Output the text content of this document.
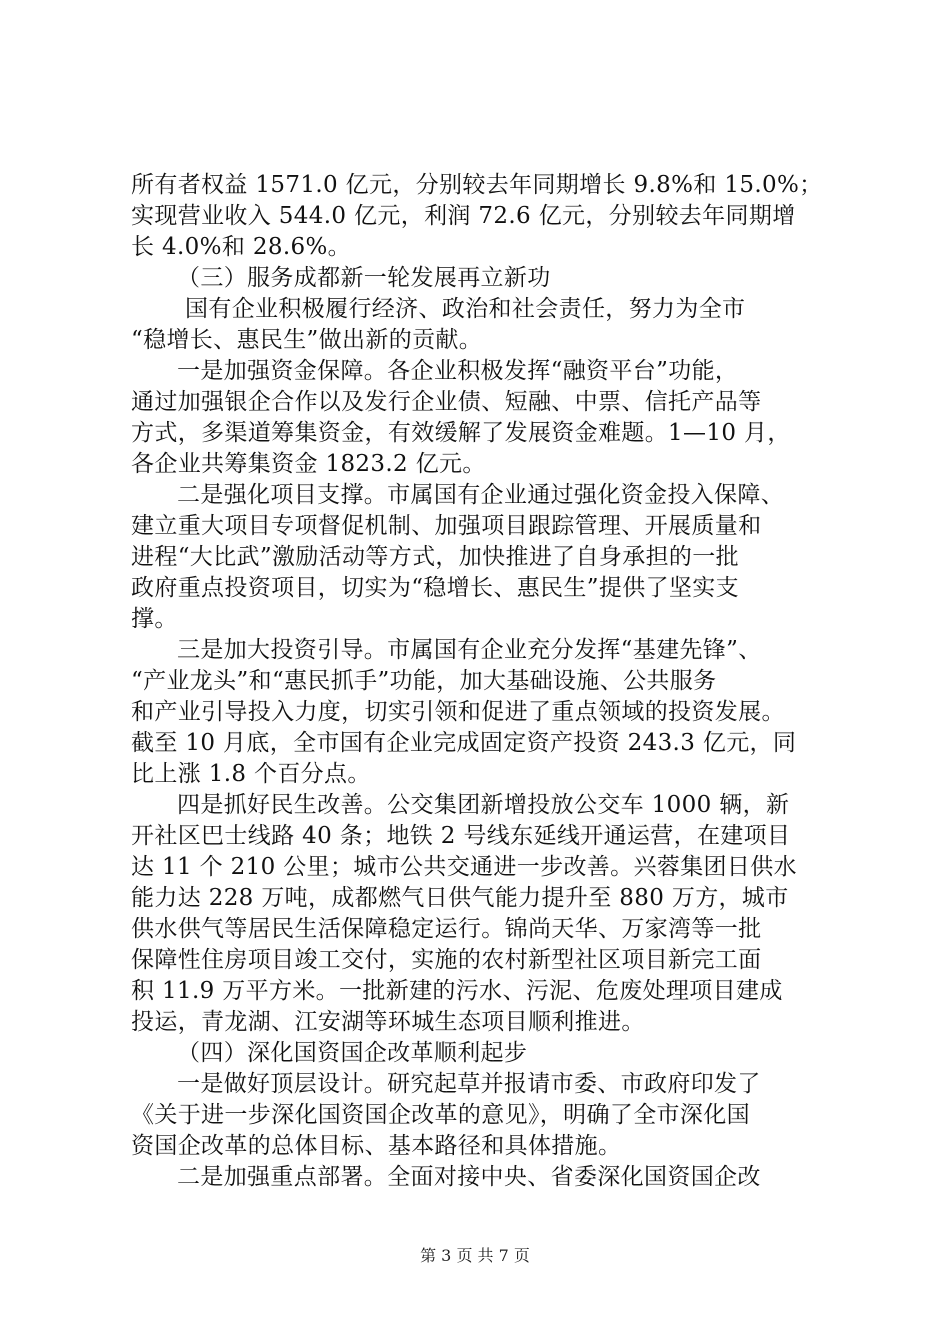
所有者权益 1571.0 亿元，分别较去年同期增长 9.8%和 15.0%；
实现营业收入 544.0 亿元，利润 72.6 亿元，分别较去年同期增
长 4.0%和 28.6%。
（三）服务成都新一轮发展再立新功
国有企业积极履行经济、政治和社会责任，努力为全市
“稳增长、惠民生”做出新的贡献。
一是加强资金保障。各企业积极发挥“融资平台”功能，
通过加强银企合作以及发行企业债、短融、中票、信托产品等
方式，多渠道筹集资金，有效缓解了发展资金难题。1—10 月，
各企业共筹集资金 1823.2 亿元。
二是强化项目支撑。市属国有企业通过强化资金投入保障、
建立重大项目专项督促机制、加强项目跟踪管理、开展质量和
进程“大比武”激励活动等方式，加快推进了自身承担的一批
政府重点投资项目，切实为“稳增长、惠民生”提供了坚实支
撑。
三是加大投资引导。市属国有企业充分发挥“基建先锋”、
“产业龙头”和“惠民抓手”功能，加大基础设施、公共服务
和产业引导投入力度，切实引领和促进了重点领域的投资发展。
截至 10 月底，全市国有企业完成固定资产投资 243.3 亿元，同
比上涨 1.8 个百分点。
四是抓好民生改善。公交集团新增投放公交车 1000 辆，新
开社区巴士线路 40 条；地铁 2 号线东延线开通运营，在建项目
达 11 个 210 公里；城市公共交通进一步改善。兴蓉集团日供水
能力达 228 万吨，成都燃气日供气能力提升至 880 万方，城市
供水供气等居民生活保障稳定运行。锦尚天华、万家湾等一批
保障性住房项目竣工交付，实施的农村新型社区项目新完工面
积 11.9 万平方米。一批新建的污水、污泥、危废处理项目建成
投运，青龙湖、江安湖等环城生态项目顺利推进。
（四）深化国资国企改革顺利起步
一是做好顶层设计。研究起草并报请市委、市政府印发了
《关于进一步深化国资国企改革的意见》，明确了全市深化国
资国企改革的总体目标、基本路径和具体措施。
二是加强重点部署。全面对接中央、省委深化国资国企改
第 3 页 共 7 页
